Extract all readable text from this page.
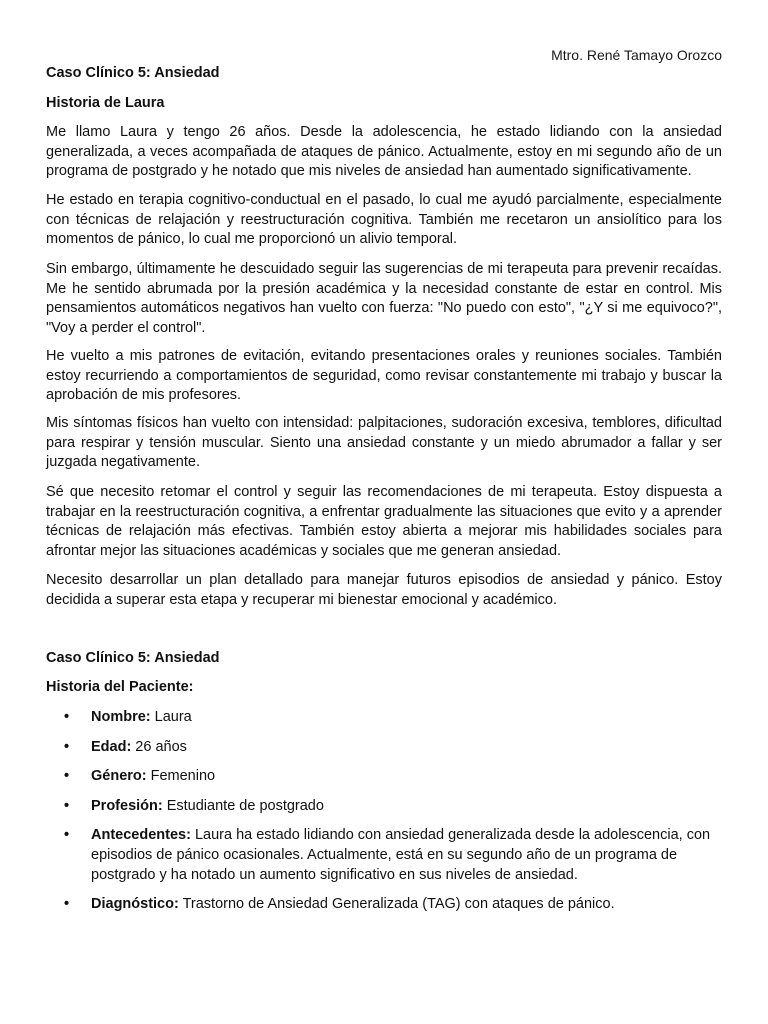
Mtro. René Tamayo Orozco

Caso Clínico 5: Ansiedad

Historia de Laura

Me llamo Laura y tengo 26 años. Desde la adolescencia, he estado lidiando con la ansiedad generalizada, a veces acompañada de ataques de pánico. Actualmente, estoy en mi segundo año de un programa de postgrado y he notado que mis niveles de ansiedad han aumentado significativamente.

He estado en terapia cognitivo-conductual en el pasado, lo cual me ayudó parcialmente, especialmente con técnicas de relajación y reestructuración cognitiva. También me recetaron un ansiolítico para los momentos de pánico, lo cual me proporcionó un alivio temporal.

Sin embargo, últimamente he descuidado seguir las sugerencias de mi terapeuta para prevenir recaídas. Me he sentido abrumada por la presión académica y la necesidad constante de estar en control. Mis pensamientos automáticos negativos han vuelto con fuerza: "No puedo con esto", "¿Y si me equivoco?", "Voy a perder el control".

He vuelto a mis patrones de evitación, evitando presentaciones orales y reuniones sociales. También estoy recurriendo a comportamientos de seguridad, como revisar constantemente mi trabajo y buscar la aprobación de mis profesores.

Mis síntomas físicos han vuelto con intensidad: palpitaciones, sudoración excesiva, temblores, dificultad para respirar y tensión muscular. Siento una ansiedad constante y un miedo abrumador a fallar y ser juzgada negativamente.

Sé que necesito retomar el control y seguir las recomendaciones de mi terapeuta. Estoy dispuesta a trabajar en la reestructuración cognitiva, a enfrentar gradualmente las situaciones que evito y a aprender técnicas de relajación más efectivas. También estoy abierta a mejorar mis habilidades sociales para afrontar mejor las situaciones académicas y sociales que me generan ansiedad.

Necesito desarrollar un plan detallado para manejar futuros episodios de ansiedad y pánico. Estoy decidida a superar esta etapa y recuperar mi bienestar emocional y académico.

Caso Clínico 5: Ansiedad

Historia del Paciente:

• Nombre: Laura
• Edad: 26 años
• Género: Femenino
• Profesión: Estudiante de postgrado
• Antecedentes: Laura ha estado lidiando con ansiedad generalizada desde la adolescencia, con episodios de pánico ocasionales. Actualmente, está en su segundo año de un programa de postgrado y ha notado un aumento significativo en sus niveles de ansiedad.
• Diagnóstico: Trastorno de Ansiedad Generalizada (TAG) con ataques de pánico.
